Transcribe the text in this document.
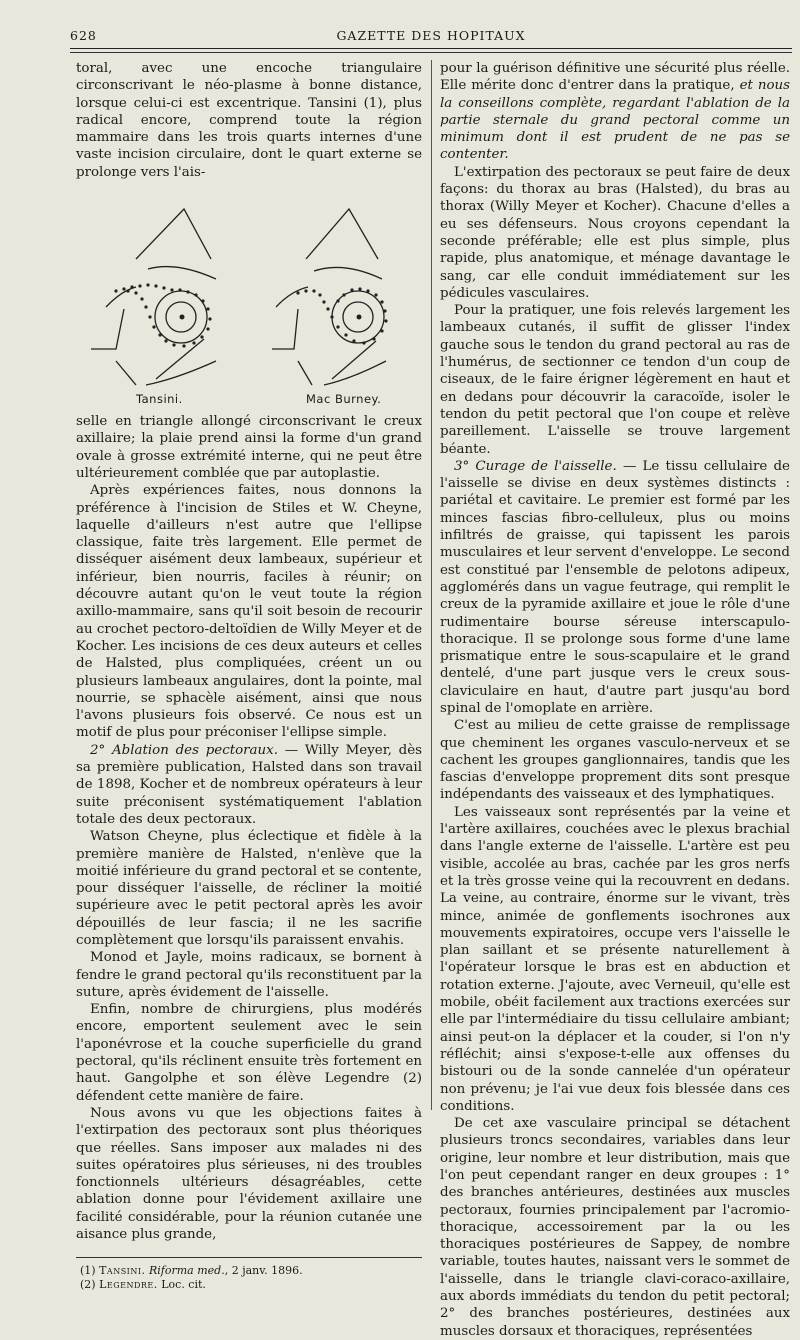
628	GAZETTE DES HOPITAUX

toral, avec une encoche triangulaire circonscrivant le néo-plasme à bonne distance, lorsque celui-ci est excentrique. Tansini (1), plus radical encore, comprend toute la région mammaire dans les trois quarts internes d'une vaste incision circulaire, dont le quart externe se prolonge vers l'ais-

Tansini.	Mac Burney.

selle en triangle allongé circonscrivant le creux axillaire; la plaie prend ainsi la forme d'un grand ovale à grosse extrémité interne, qui ne peut être ultérieurement comblée que par autoplastie.

Après expériences faites, nous donnons la préférence à l'incision de Stiles et W. Cheyne, laquelle d'ailleurs n'est autre que l'ellipse classique, faite très largement. Elle permet de disséquer aisément deux lambeaux, supérieur et inférieur, bien nourris, faciles à réunir; on découvre autant qu'on le veut toute la région axillo-mammaire, sans qu'il soit besoin de recourir au crochet pectoro-deltoïdien de Willy Meyer et de Kocher. Les incisions de ces deux auteurs et celles de Halsted, plus compliquées, créent un ou plusieurs lambeaux angulaires, dont la pointe, mal nourrie, se sphacèle aisément, ainsi que nous l'avons plusieurs fois observé. Ce nous est un motif de plus pour préconiser l'ellipse simple.

2° Ablation des pectoraux. — Willy Meyer, dès sa première publication, Halsted dans son travail de 1898, Kocher et de nombreux opérateurs à leur suite préconisent systématiquement l'ablation totale des deux pectoraux.

Watson Cheyne, plus éclectique et fidèle à la première manière de Halsted, n'enlève que la moitié inférieure du grand pectoral et se contente, pour disséquer l'aisselle, de récliner la moitié supérieure avec le petit pectoral après les avoir dépouillés de leur fascia; il ne les sacrifie complètement que lorsqu'ils paraissent envahis.

Monod et Jayle, moins radicaux, se bornent à fendre le grand pectoral qu'ils reconstituent par la suture, après évidement de l'aisselle.

Enfin, nombre de chirurgiens, plus modérés encore, emportent seulement avec le sein l'aponévrose et la couche superficielle du grand pectoral, qu'ils réclinent ensuite très fortement en haut. Gangolphe et son élève Legendre (2) défendent cette manière de faire.

Nous avons vu que les objections faites à l'extirpation des pectoraux sont plus théoriques que réelles. Sans imposer aux malades ni des suites opératoires plus sérieuses, ni des troubles fonctionnels ultérieurs désagréables, cette ablation donne pour l'évidement axillaire une facilité considérable, pour la réunion cutanée une aisance plus grande,

(1) Tansini. Riforma med., 2 janv. 1896.
(2) Legendre. Loc. cit.

pour la guérison définitive une sécurité plus réelle. Elle mérite donc d'entrer dans la pratique, et nous la conseillons complète, regardant l'ablation de la partie sternale du grand pectoral comme un minimum dont il est prudent de ne pas se contenter.

L'extirpation des pectoraux se peut faire de deux façons: du thorax au bras (Halsted), du bras au thorax (Willy Meyer et Kocher). Chacune d'elles a eu ses défenseurs. Nous croyons cependant la seconde préférable; elle est plus simple, plus rapide, plus anatomique, et ménage davantage le sang, car elle conduit immédiatement sur les pédicules vasculaires.

Pour la pratiquer, une fois relevés largement les lambeaux cutanés, il suffit de glisser l'index gauche sous le tendon du grand pectoral au ras de l'humérus, de sectionner ce tendon d'un coup de ciseaux, de le faire érigner légèrement en haut et en dedans pour découvrir la caracoïde, isoler le tendon du petit pectoral que l'on coupe et relève pareillement. L'aisselle se trouve largement béante.

3° Curage de l'aisselle. — Le tissu cellulaire de l'aisselle se divise en deux systèmes distincts : pariétal et cavitaire. Le premier est formé par les minces fascias fibro-celluleux, plus ou moins infiltrés de graisse, qui tapissent les parois musculaires et leur servent d'enveloppe. Le second est constitué par l'ensemble de pelotons adipeux, agglomérés dans un vague feutrage, qui remplit le creux de la pyramide axillaire et joue le rôle d'une rudimentaire bourse séreuse interscapulo-thoracique. Il se prolonge sous forme d'une lame prismatique entre le sous-scapulaire et le grand dentelé, d'une part jusque vers le creux sous-claviculaire en haut, d'autre part jusqu'au bord spinal de l'omoplate en arrière.

C'est au milieu de cette graisse de remplissage que cheminent les organes vasculo-nerveux et se cachent les groupes ganglionnaires, tandis que les fascias d'enveloppe proprement dits sont presque indépendants des vaisseaux et des lymphatiques.

Les vaisseaux sont représentés par la veine et l'artère axillaires, couchées avec le plexus brachial dans l'angle externe de l'aisselle. L'artère est peu visible, accolée au bras, cachée par les gros nerfs et la très grosse veine qui la recouvrent en dedans. La veine, au contraire, énorme sur le vivant, très mince, animée de gonflements isochrones aux mouvements expiratoires, occupe vers l'aisselle le plan saillant et se présente naturellement à l'opérateur lorsque le bras est en abduction et rotation externe. J'ajoute, avec Verneuil, qu'elle est mobile, obéit facilement aux tractions exercées sur elle par l'intermédiaire du tissu cellulaire ambiant; ainsi peut-on la déplacer et la couder, si l'on n'y réfléchit; ainsi s'expose-t-elle aux offenses du bistouri ou de la sonde cannelée d'un opérateur non prévenu; je l'ai vue deux fois blessée dans ces conditions.

De cet axe vasculaire principal se détachent plusieurs troncs secondaires, variables dans leur origine, leur nombre et leur distribution, mais que l'on peut cependant ranger en deux groupes : 1° des branches antérieures, destinées aux muscles pectoraux, fournies principalement par l'acromio-thoracique, accessoirement par la ou les thoraciques postérieures de Sappey, de nombre variable, toutes hautes, naissant vers le sommet de l'aisselle, dans le triangle clavi-coraco-axillaire, aux abords immédiats du tendon du petit pectoral; 2° des branches postérieures, destinées aux muscles dorsaux et thoraciques, représentées
